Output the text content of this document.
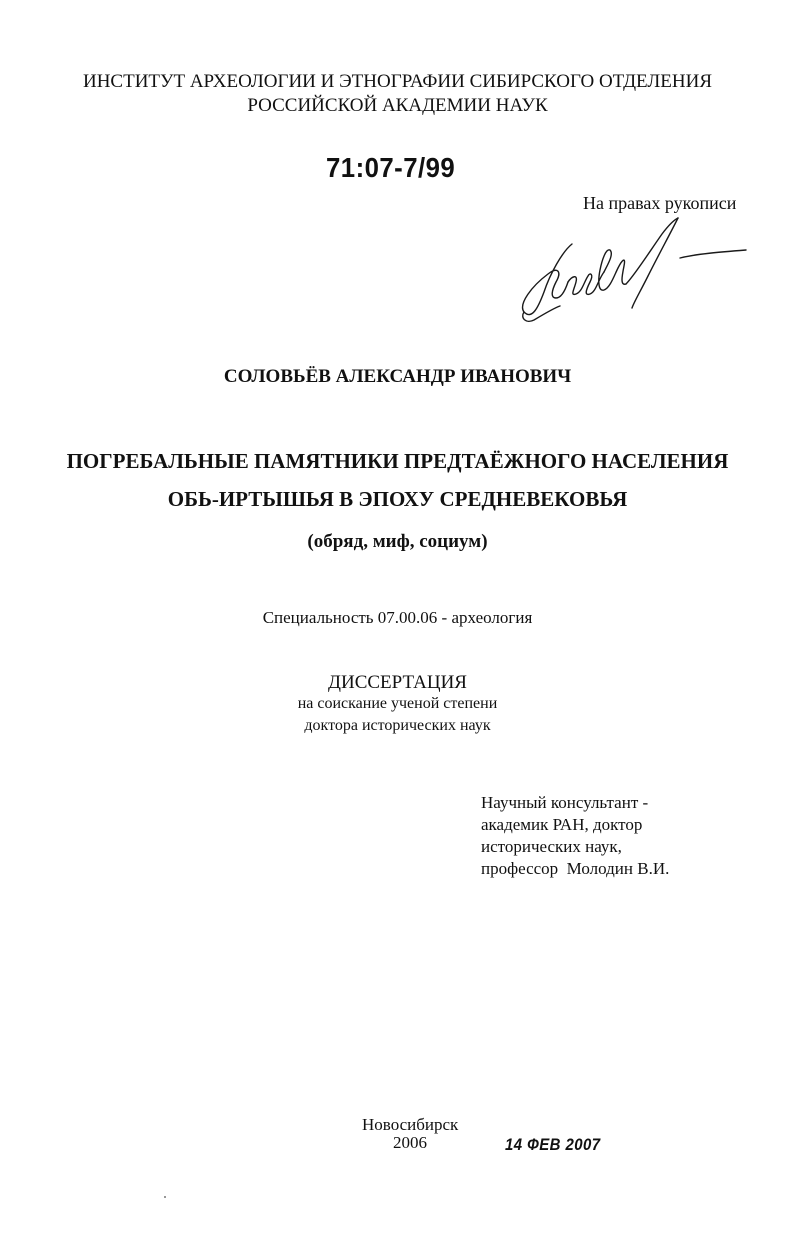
ИНСТИТУТ АРХЕОЛОГИИ И ЭТНОГРАФИИ СИБИРСКОГО ОТДЕЛЕНИЯ
РОССИЙСКОЙ АКАДЕМИИ НАУК
71:07-7/99
На правах рукописи
СОЛОВЬЁВ АЛЕКСАНДР ИВАНОВИЧ
ПОГРЕБАЛЬНЫЕ ПАМЯТНИКИ ПРЕДТАЁЖНОГО НАСЕЛЕНИЯ
ОБЬ-ИРТЫШЬЯ В ЭПОХУ СРЕДНЕВЕКОВЬЯ
(обряд, миф, социум)
Специальность 07.00.06 - археология
ДИССЕРТАЦИЯ
на соискание ученой степени
доктора исторических наук
Научный консультант -
академик РАН, доктор
исторических наук,
профессор  Молодин В.И.
Новосибирск
2006	14 ФЕВ 2007
